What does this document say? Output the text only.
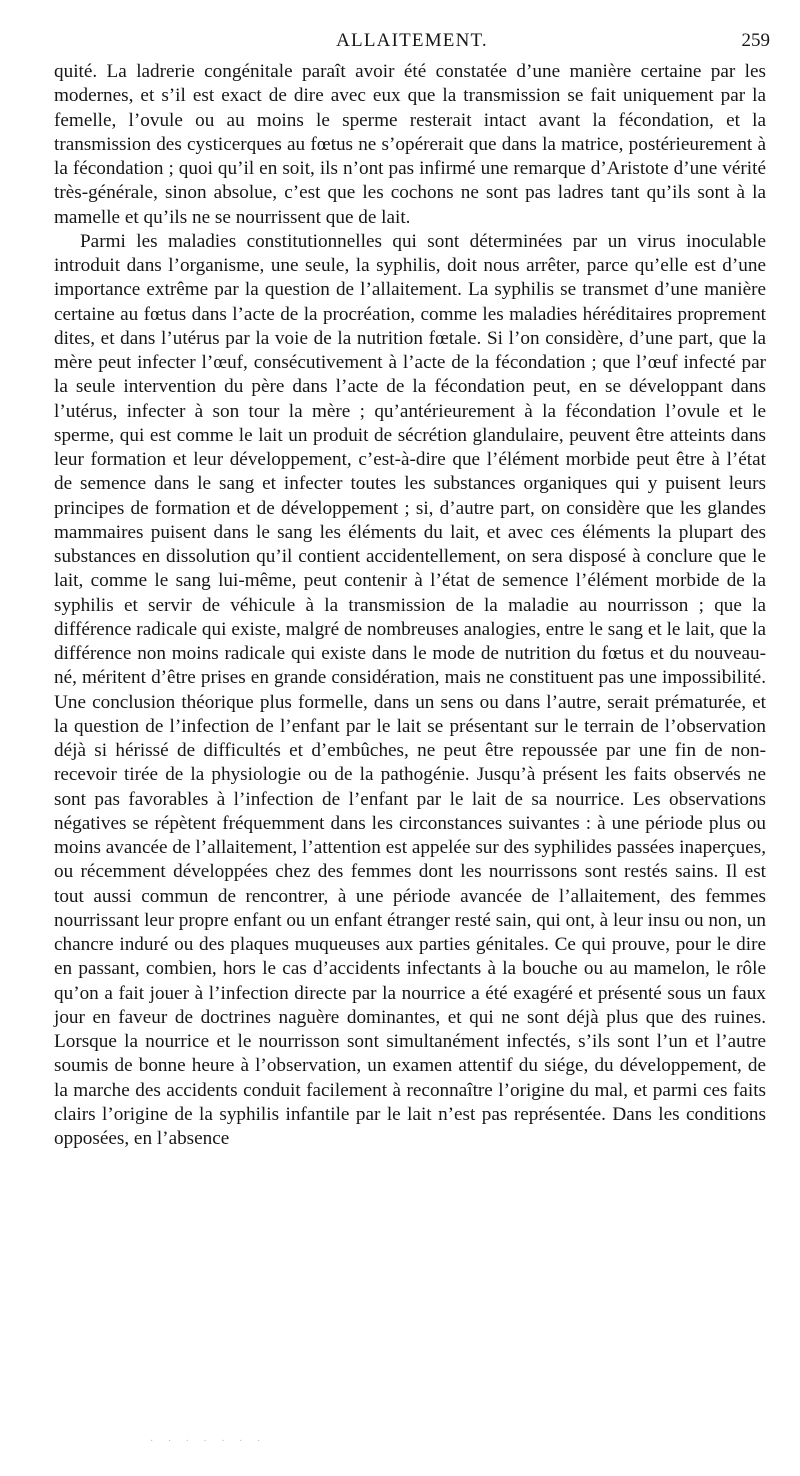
ALLAITEMENT.	259

quité. La ladrerie congénitale paraît avoir été constatée d’une manière certaine par les modernes, et s’il est exact de dire avec eux que la transmission se fait uniquement par la femelle, l’ovule ou au moins le sperme resterait intact avant la fécondation, et la transmission des cysticerques au fœtus ne s’opérerait que dans la matrice, postérieurement à la fécondation ; quoi qu’il en soit, ils n’ont pas infirmé une remarque d’Aristote d’une vérité très-générale, sinon absolue, c’est que les cochons ne sont pas ladres tant qu’ils sont à la mamelle et qu’ils ne se nourrissent que de lait.

Parmi les maladies constitutionnelles qui sont déterminées par un virus inoculable introduit dans l’organisme, une seule, la syphilis, doit nous arrêter, parce qu’elle est d’une importance extrême par la question de l’allaitement. La syphilis se transmet d’une manière certaine au fœtus dans l’acte de la procréation, comme les maladies héréditaires proprement dites, et dans l’utérus par la voie de la nutrition fœtale. Si l’on considère, d’une part, que la mère peut infecter l’œuf, consécutivement à l’acte de la fécondation ; que l’œuf infecté par la seule intervention du père dans l’acte de la fécondation peut, en se développant dans l’utérus, infecter à son tour la mère ; qu’antérieurement à la fécondation l’ovule et le sperme, qui est comme le lait un produit de sécrétion glandulaire, peuvent être atteints dans leur formation et leur développement, c’est-à-dire que l’élément morbide peut être à l’état de semence dans le sang et infecter toutes les substances organiques qui y puisent leurs principes de formation et de développement ; si, d’autre part, on considère que les glandes mammaires puisent dans le sang les éléments du lait, et avec ces éléments la plupart des substances en dissolution qu’il contient accidentellement, on sera disposé à conclure que le lait, comme le sang lui-même, peut contenir à l’état de semence l’élément morbide de la syphilis et servir de véhicule à la transmission de la maladie au nourrisson ; que la différence radicale qui existe, malgré de nombreuses analogies, entre le sang et le lait, que la différence non moins radicale qui existe dans le mode de nutrition du fœtus et du nouveau-né, méritent d’être prises en grande considération, mais ne constituent pas une impossibilité. Une conclusion théorique plus formelle, dans un sens ou dans l’autre, serait prématurée, et la question de l’infection de l’enfant par le lait se présentant sur le terrain de l’observation déjà si hérissé de difficultés et d’embûches, ne peut être repoussée par une fin de non-recevoir tirée de la physiologie ou de la pathogénie. Jusqu’à présent les faits observés ne sont pas favorables à l’infection de l’enfant par le lait de sa nourrice. Les observations négatives se répètent fréquemment dans les circonstances suivantes : à une période plus ou moins avancée de l’allaitement, l’attention est appelée sur des syphilides passées inaperçues, ou récemment développées chez des femmes dont les nourrissons sont restés sains. Il est tout aussi commun de rencontrer, à une période avancée de l’allaitement, des femmes nourrissant leur propre enfant ou un enfant étranger resté sain, qui ont, à leur insu ou non, un chancre induré ou des plaques muqueuses aux parties génitales. Ce qui prouve, pour le dire en passant, combien, hors le cas d’accidents infectants à la bouche ou au mamelon, le rôle qu’on a fait jouer à l’infection directe par la nourrice a été exagéré et présenté sous un faux jour en faveur de doctrines naguère dominantes, et qui ne sont déjà plus que des ruines. Lorsque la nourrice et le nourrisson sont simultanément infectés, s’ils sont l’un et l’autre soumis de bonne heure à l’observation, un examen attentif du siége, du développement, de la marche des accidents conduit facilement à reconnaître l’origine du mal, et parmi ces faits clairs l’origine de la syphilis infantile par le lait n’est pas représentée. Dans les conditions opposées, en l’absence

· · · · · · ·
